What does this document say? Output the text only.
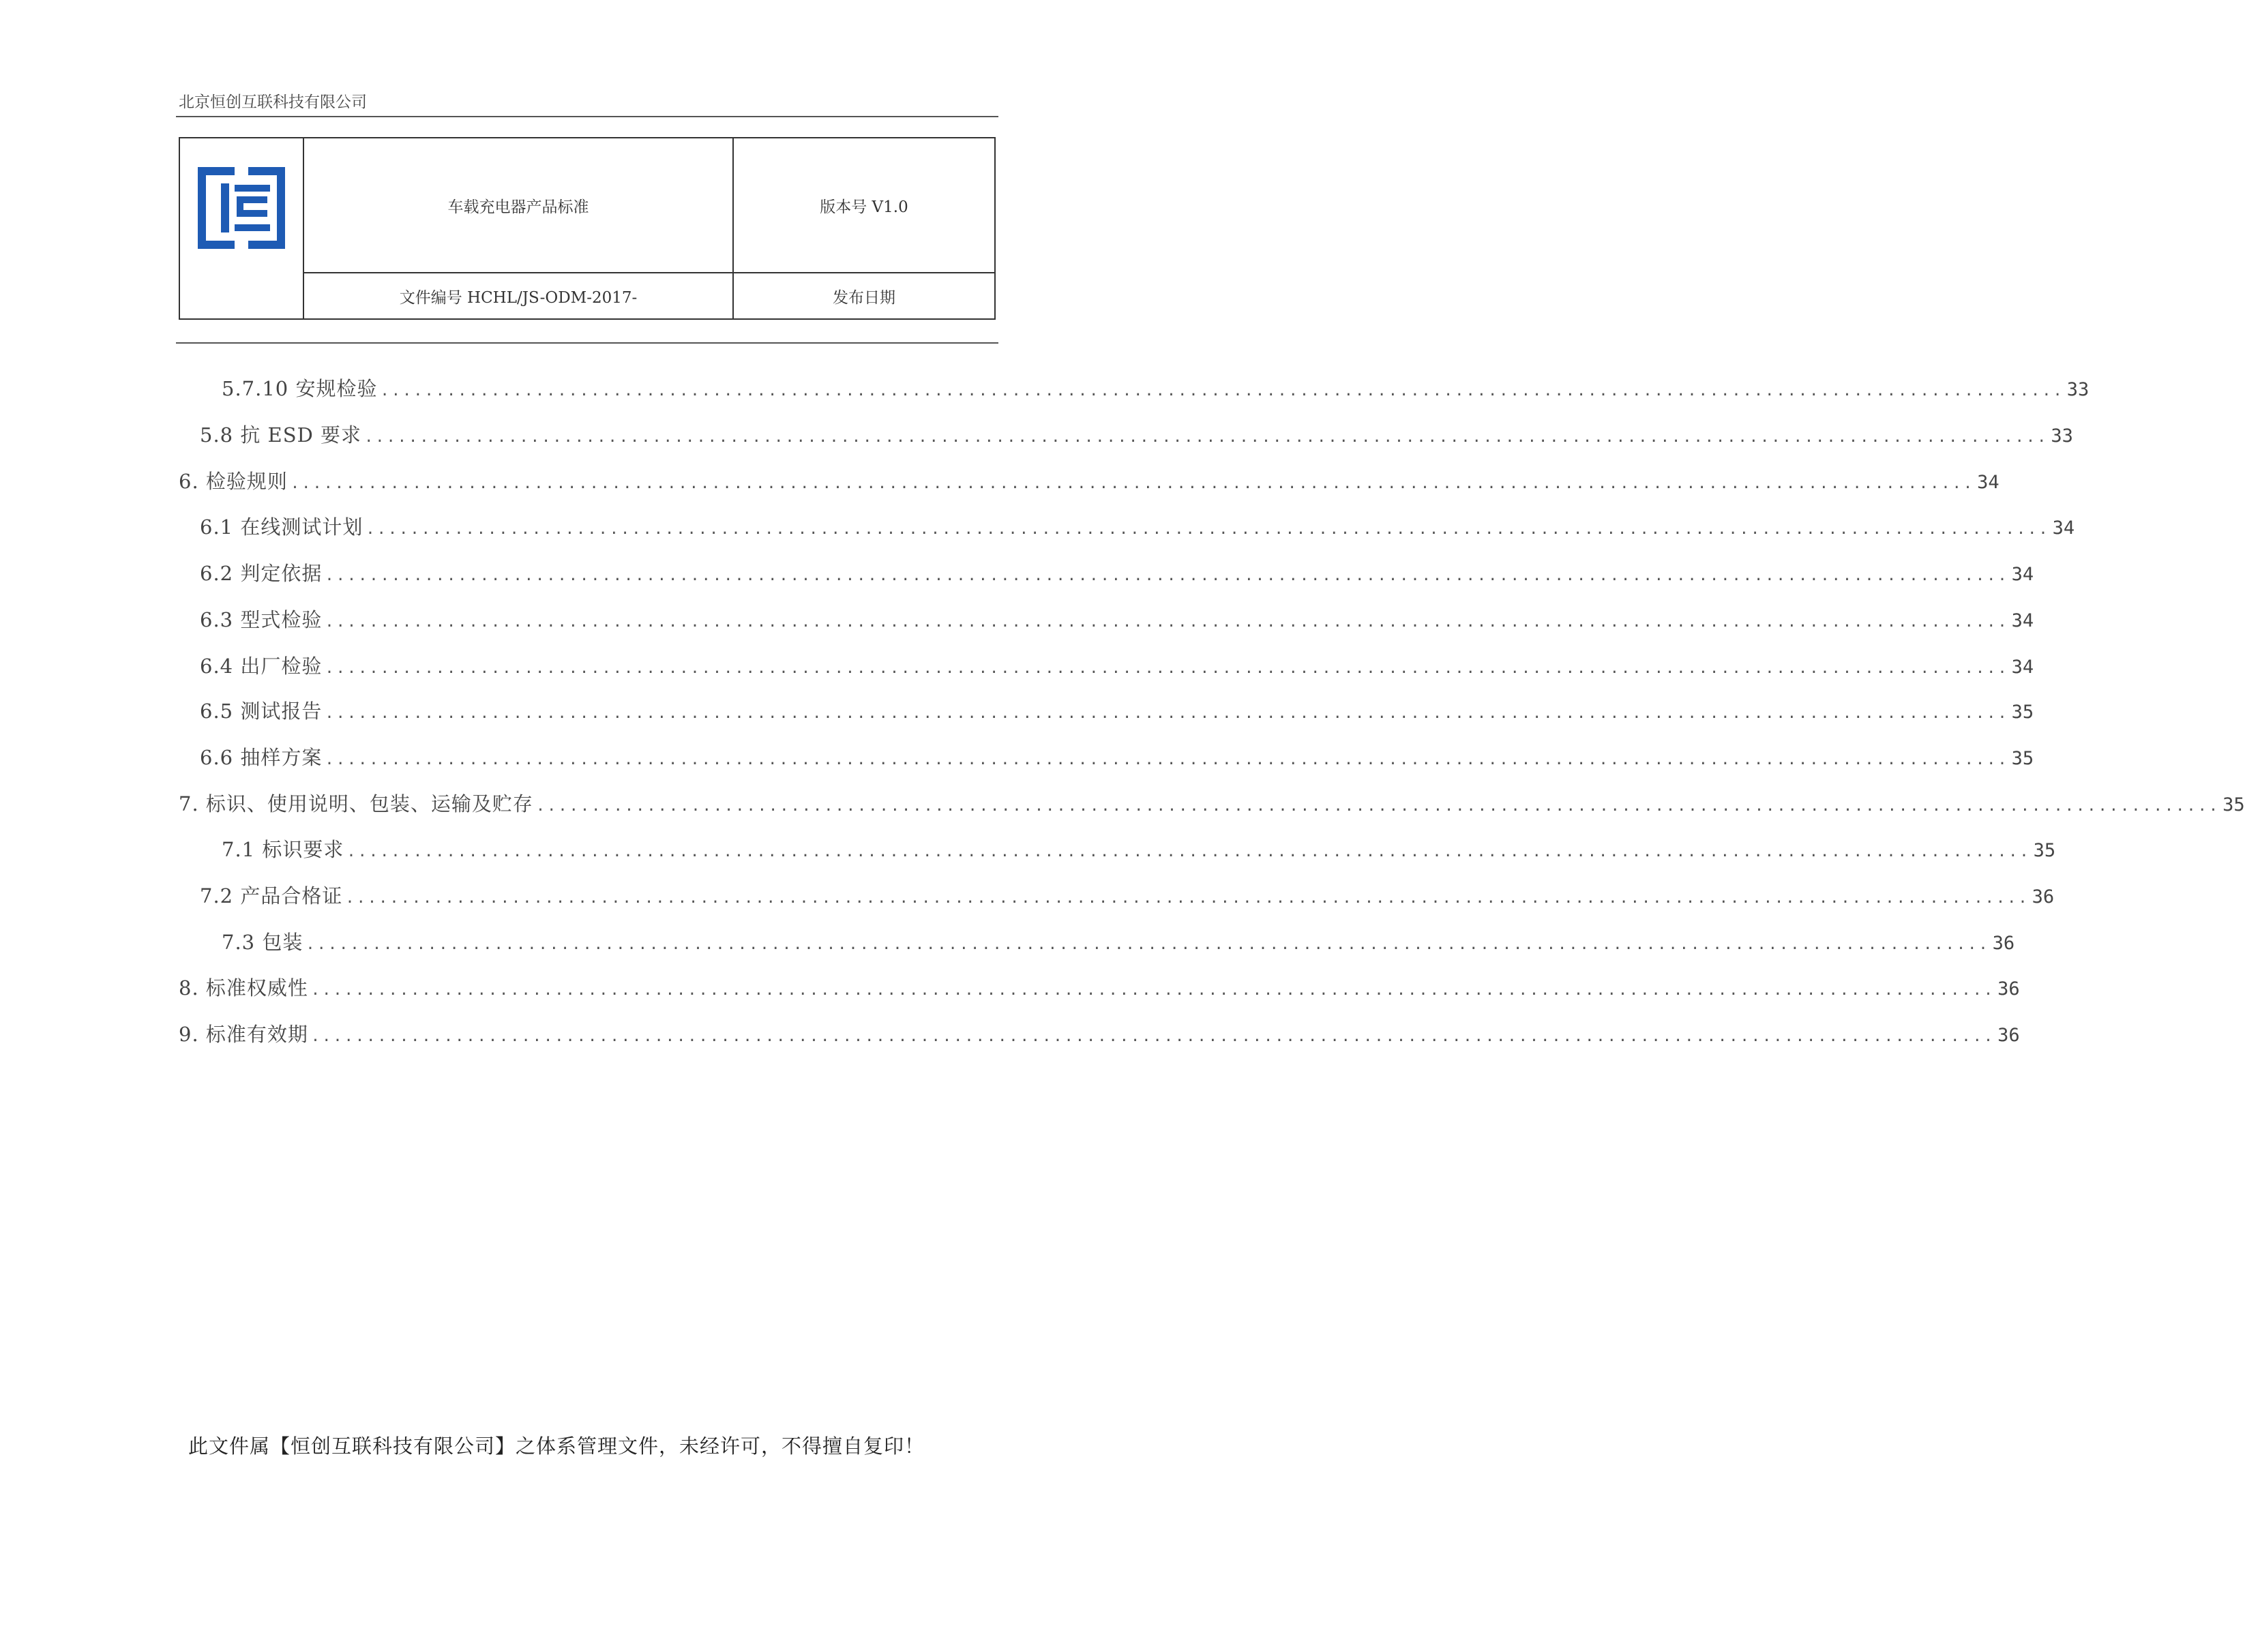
北京恒创互联科技有限公司
	车载充电器产品标准	版本号 V1.0
	文件编号 HCHL/JS-ODM-2017-	发布日期
5.7.10 安规检验 ........................................................................................................................................................ 33
5.8 抗 ESD 要求 ........................................................................................................................................................ 33
6. 检验规则 ........................................................................................................................................................ 34
6.1 在线测试计划 ........................................................................................................................................................ 34
6.2 判定依据 ........................................................................................................................................................ 34
6.3 型式检验 ........................................................................................................................................................ 34
6.4 出厂检验 ........................................................................................................................................................ 34
6.5 测试报告 ........................................................................................................................................................ 35
6.6 抽样方案 ........................................................................................................................................................ 35
7. 标识、使用说明、包装、运输及贮存 ........................................................................................................................................................ 35
7.1 标识要求 ........................................................................................................................................................ 35
7.2 产品合格证 ........................................................................................................................................................ 36
7.3 包装 ........................................................................................................................................................ 36
8. 标准权威性 ........................................................................................................................................................ 36
9. 标准有效期 ........................................................................................................................................................ 36
此文件属【恒创互联科技有限公司】之体系管理文件，未经许可，不得擅自复印！
